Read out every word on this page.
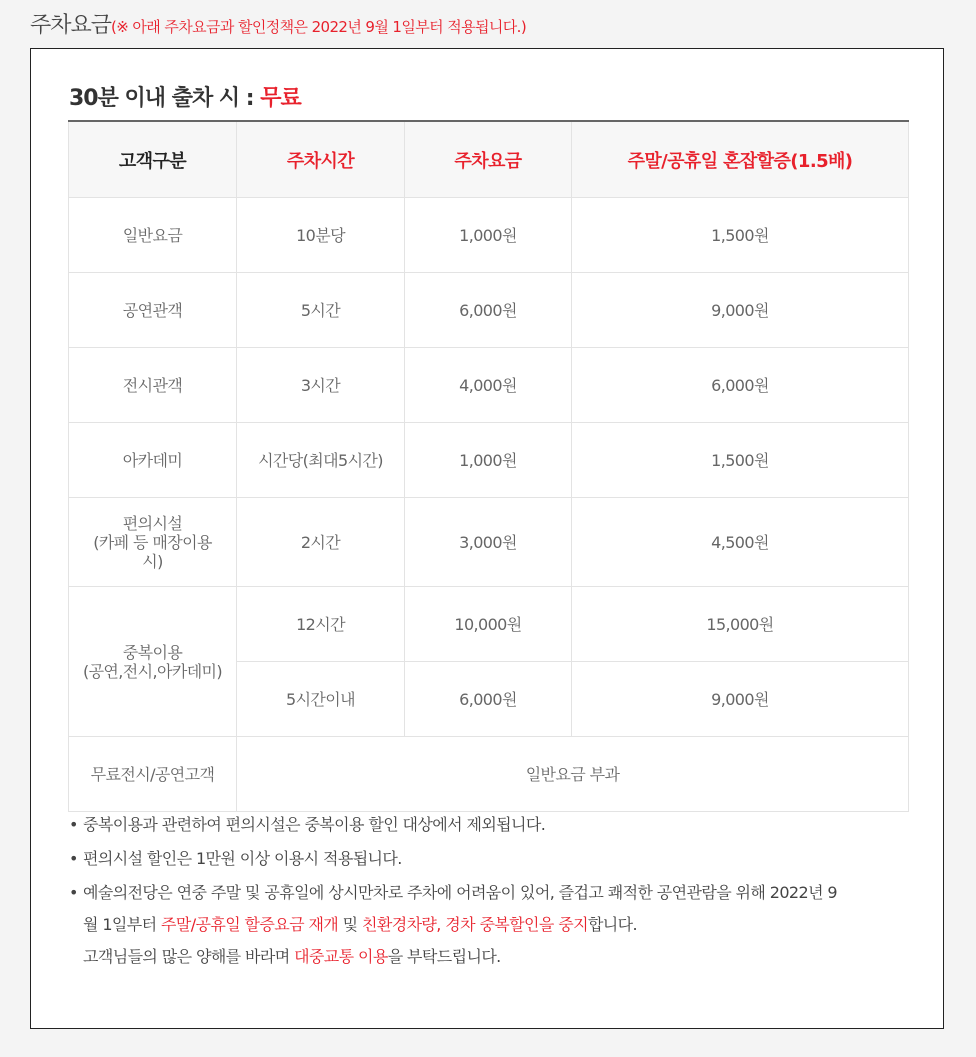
주차요금(※ 아래 주차요금과 할인정책은 2022년 9월 1일부터 적용됩니다.)
30분 이내 출차 시 : 무료
고객구분	주차시간	주차요금	주말/공휴일 혼잡할증(1.5배)
일반요금	10분당	1,000원	1,500원
공연관객	5시간	6,000원	9,000원
전시관객	3시간	4,000원	6,000원
아카데미	시간당(최대5시간)	1,000원	1,500원
편의시설
(카페 등 매장이용
시)	2시간	3,000원	4,500원
중복이용
(공연,전시,아카데미)	12시간	10,000원	15,000원
	5시간이내	6,000원	9,000원
무료전시/공연고객	일반요금 부과		
• 중복이용과 관련하여 편의시설은 중복이용 할인 대상에서 제외됩니다.
• 편의시설 할인은 1만원 이상 이용시 적용됩니다.
• 예술의전당은 연중 주말 및 공휴일에 상시만차로 주차에 어려움이 있어, 즐겁고 쾌적한 공연관람을 위해 2022년 9
월 1일부터 주말/공휴일 할증요금 재개 및 친환경차량, 경차 중복할인을 중지합니다.
고객님들의 많은 양해를 바라며 대중교통 이용을 부탁드립니다.
